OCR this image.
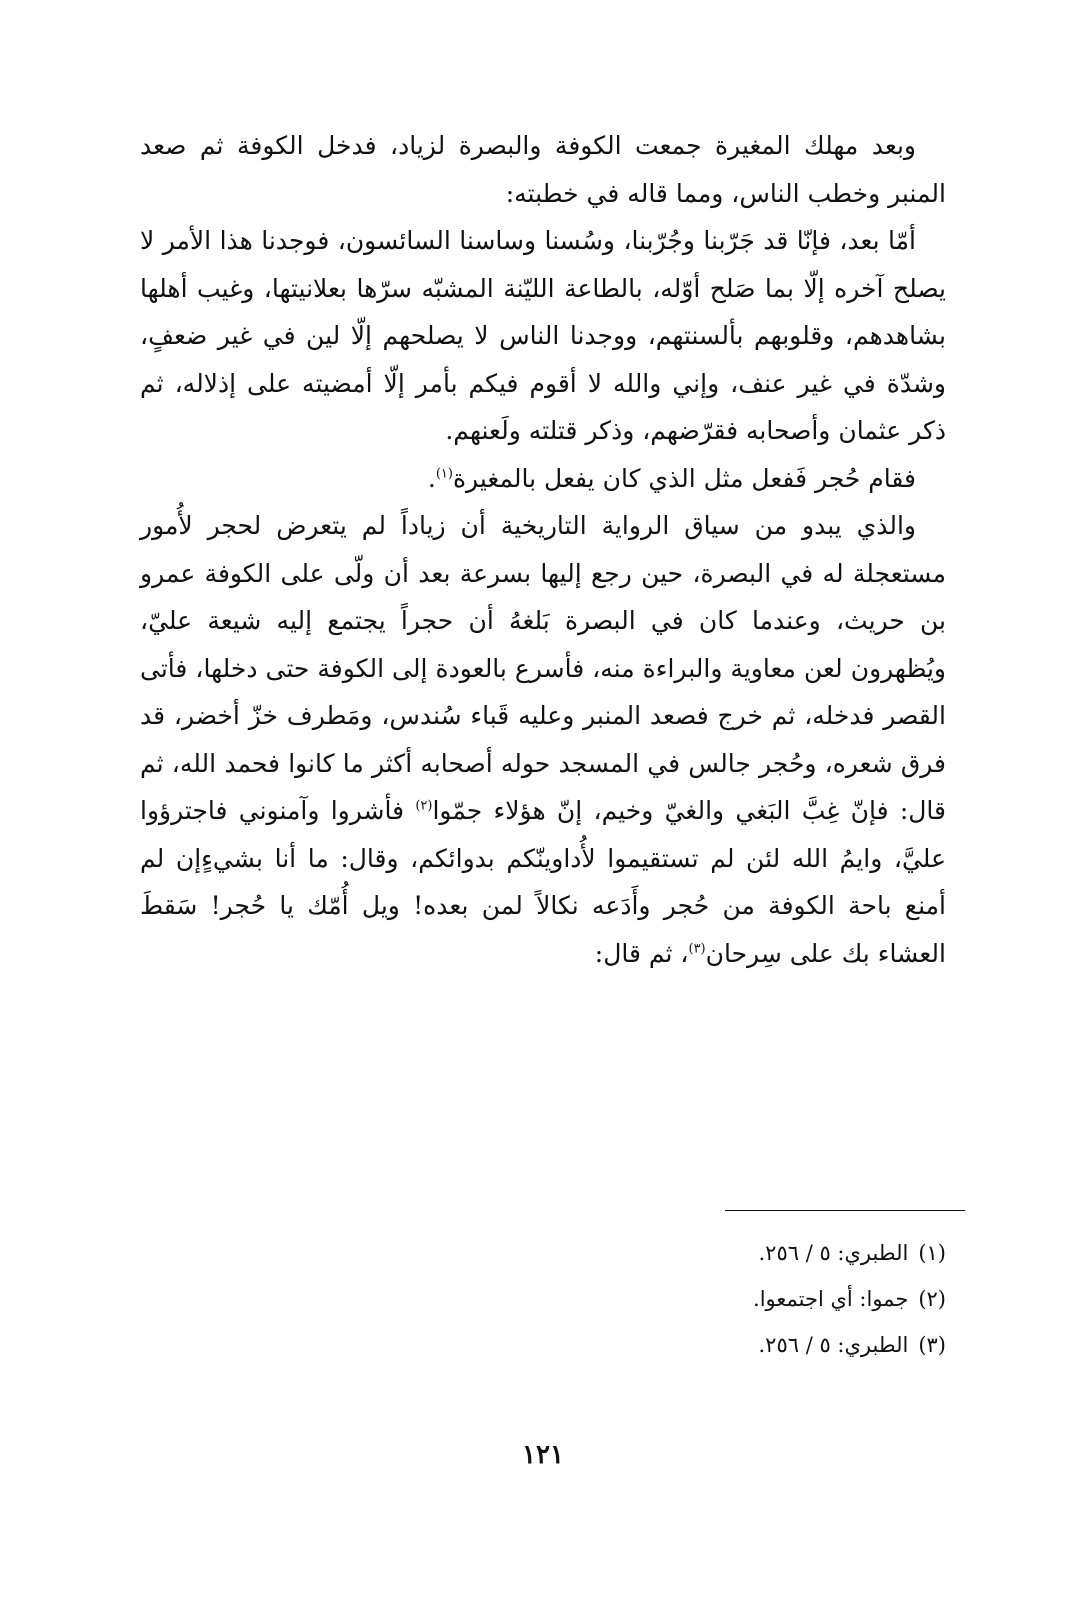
وبعد مهلك المغيرة جمعت الكوفة والبصرة لزياد، فدخل الكوفة ثم صعد المنبر وخطب الناس، ومما قاله في خطبته:

أمّا بعد، فإنّا قد جَرّبنا وجُرّبنا، وسُسنا وساسنا السائسون، فوجدنا هذا الأمر لا يصلح آخره إلّا بما صَلح أوّله، بالطاعة الليّنة المشبّه سرّها بعلانيتها، وغيب أهلها بشاهدهم، وقلوبهم بألسنتهم، ووجدنا الناس لا يصلحهم إلّا لين في غير ضعفٍ، وشدّة في غير عنف، وإني والله لا أقوم فيكم بأمر إلّا أمضيته على إذلاله، ثم ذكر عثمان وأصحابه فقرّضهم، وذكر قتلته ولَعنهم.

فقام حُجر فَفعل مثل الذي كان يفعل بالمغيرة$^{(١)}$.

والذي يبدو من سياق الرواية التاريخية أن زياداً لم يتعرض لحجر لأُمور مستعجلة له في البصرة، حين رجع إليها بسرعة بعد أن ولّى على الكوفة عمرو بن حريث، وعندما كان في البصرة بَلغهُ أن حجراً يجتمع إليه شيعة عليّ، ويُظهرون لعن معاوية والبراءة منه، فأسرع بالعودة إلى الكوفة حتى دخلها، فأتى القصر فدخله، ثم خرج فصعد المنبر وعليه قَباء سُندس، ومَطرف خزّ أخضر، قد فرق شعره، وحُجر جالس في المسجد حوله أصحابه أكثر ما كانوا فحمد الله، ثم قال: فإنّ غِبَّ البَغي والغيّ وخيم، إنّ هؤلاء جمّوا$^{(٢)}$ فأشروا وآمنوني فاجترؤوا عليَّ، وايمُ الله لئن لم تستقيموا لأُداوينّكم بدوائكم، وقال: ما أنا بشيءٍإن لم أمنع باحة الكوفة من حُجر وأَدَعه نكالاً لمن بعده! ويل أُمّك يا حُجر! سَقطَ العشاء بك على سِرحان$^{(٣)}$، ثم قال:

(١)الطبري: ٥ / ٢٥٦.

(٢)جموا: أي اجتمعوا.

(٣)الطبري: ٥ / ٢٥٦.

١٢١
